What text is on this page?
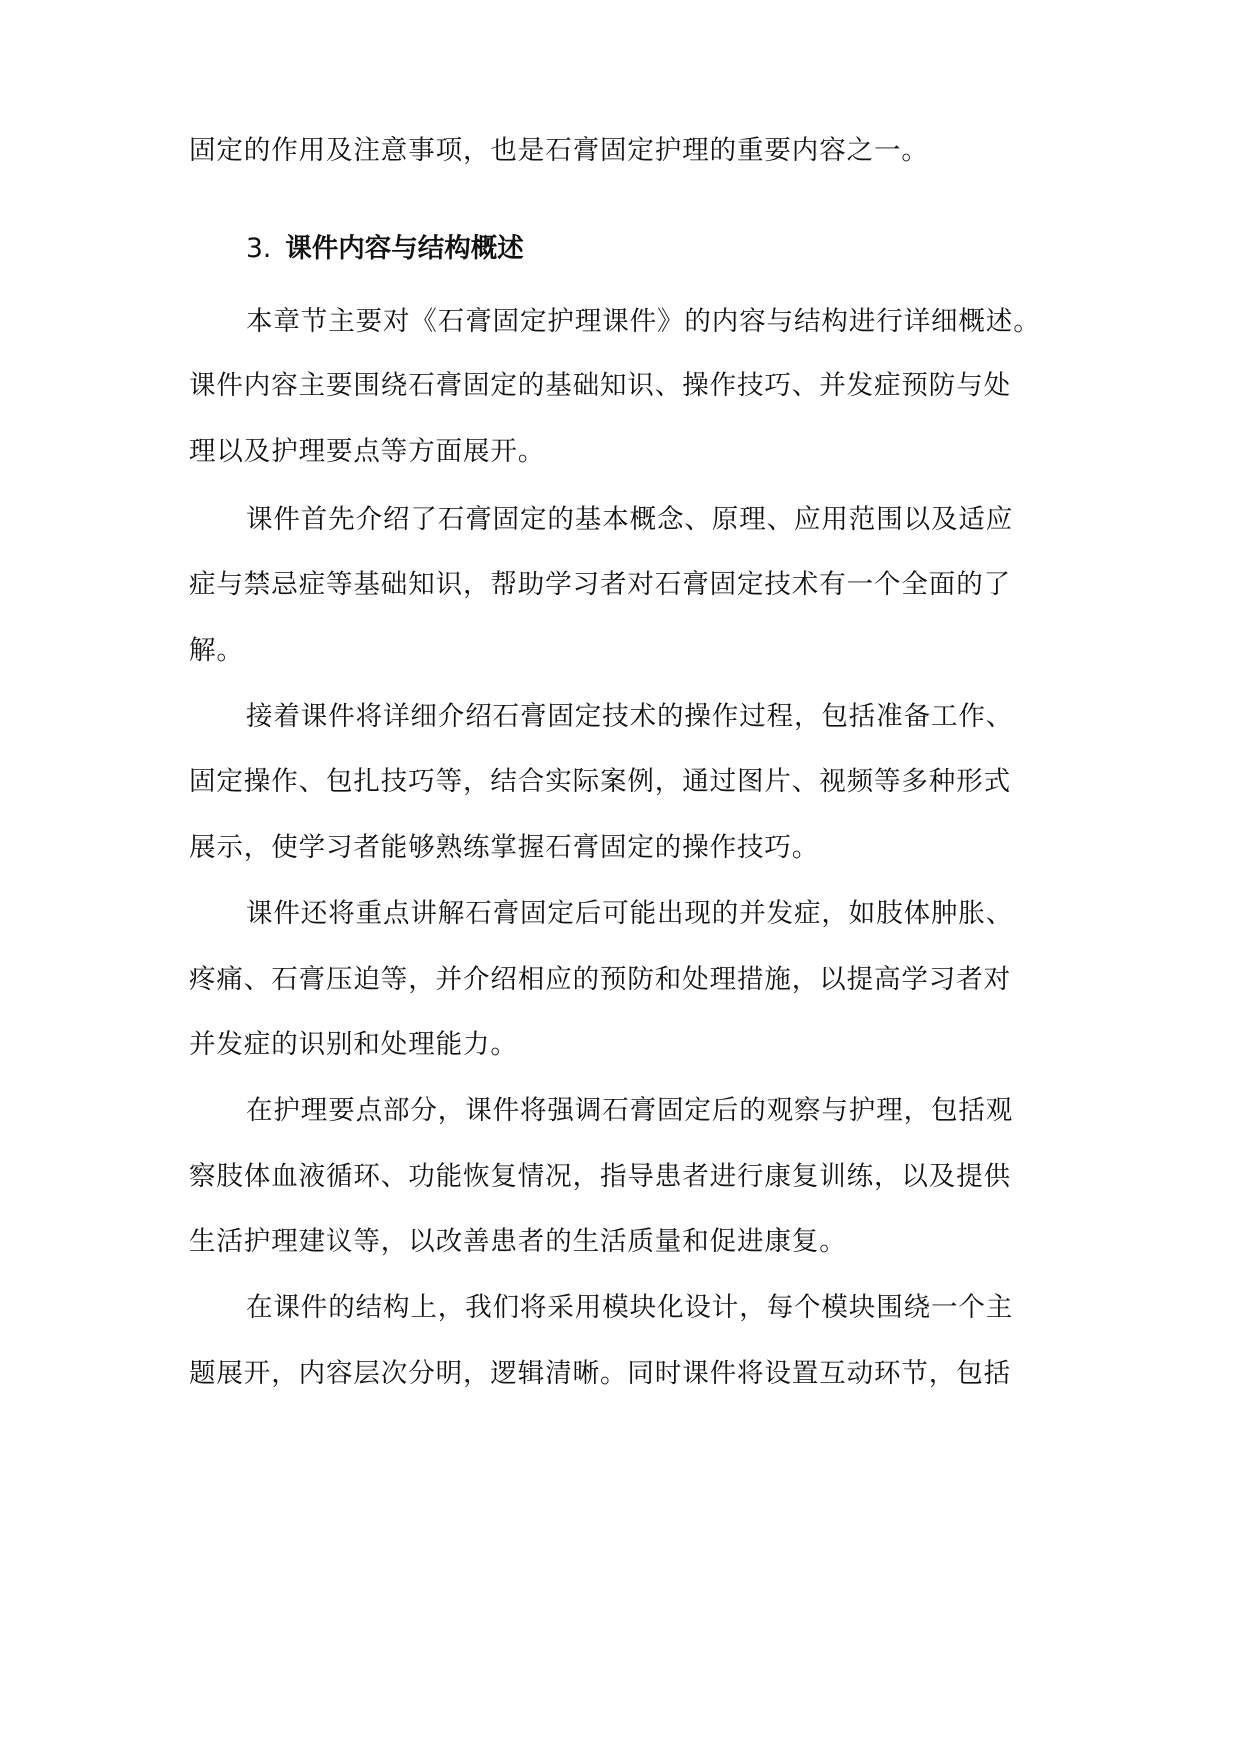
固定的作用及注意事项，也是石膏固定护理的重要内容之一。
3. 课件内容与结构概述
本章节主要对《石膏固定护理课件》的内容与结构进行详细概述。
课件内容主要围绕石膏固定的基础知识、操作技巧、并发症预防与处
理以及护理要点等方面展开。
课件首先介绍了石膏固定的基本概念、原理、应用范围以及适应
症与禁忌症等基础知识，帮助学习者对石膏固定技术有一个全面的了
解。
接着课件将详细介绍石膏固定技术的操作过程，包括准备工作、
固定操作、包扎技巧等，结合实际案例，通过图片、视频等多种形式
展示，使学习者能够熟练掌握石膏固定的操作技巧。
课件还将重点讲解石膏固定后可能出现的并发症，如肢体肿胀、
疼痛、石膏压迫等，并介绍相应的预防和处理措施，以提高学习者对
并发症的识别和处理能力。
在护理要点部分，课件将强调石膏固定后的观察与护理，包括观
察肢体血液循环、功能恢复情况，指导患者进行康复训练，以及提供
生活护理建议等，以改善患者的生活质量和促进康复。
在课件的结构上，我们将采用模块化设计，每个模块围绕一个主
题展开，内容层次分明，逻辑清晰。同时课件将设置互动环节，包括
